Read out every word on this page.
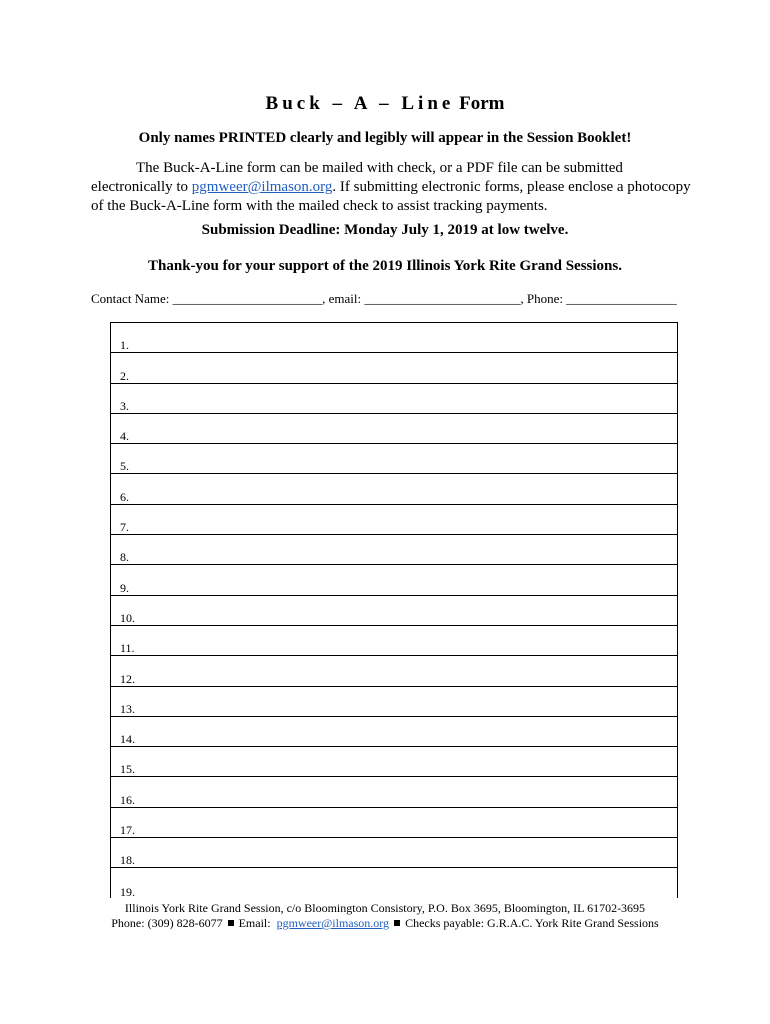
Buck – A – Line Form
Only names PRINTED clearly and legibly will appear in the Session Booklet!
The Buck-A-Line form can be mailed with check, or a PDF file can be submitted electronically to pgmweer@ilmason.org. If submitting electronic forms, please enclose a photocopy of the Buck-A-Line form with the mailed check to assist tracking payments.
Submission Deadline: Monday July 1, 2019 at low twelve.
Thank-you for your support of the 2019 Illinois York Rite Grand Sessions.
Contact Name: _______________________, email: ________________________, Phone: _________________
1.
2.
3.
4.
5.
6.
7.
8.
9.
10.
11.
12.
13.
14.
15.
16.
17.
18.
19.
Illinois York Rite Grand Session, c/o Bloomington Consistory, P.O. Box 3695, Bloomington, IL 61702-3695
Phone: (309) 828-6077 Email: pgmweer@ilmason.org Checks payable: G.R.A.C. York Rite Grand Sessions
